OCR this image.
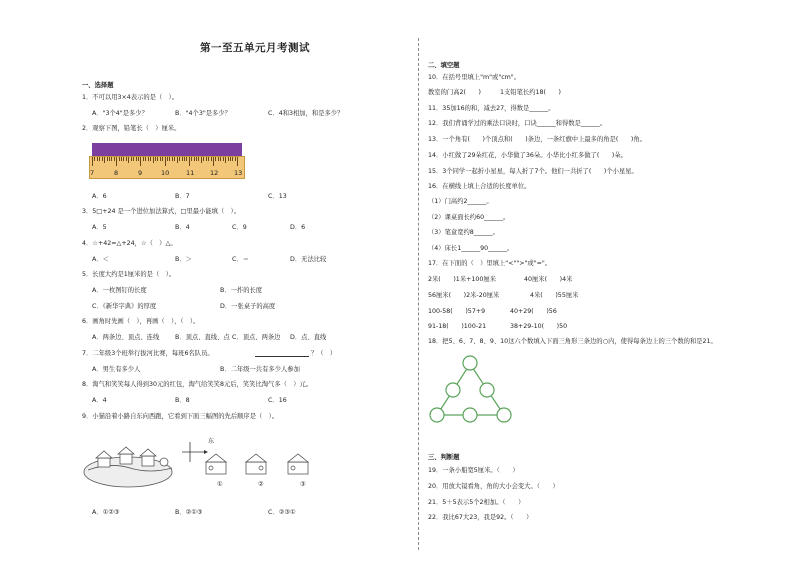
第一至五单元月考测试
一、选择题
1．不可以用3×4表示的是（　）。
A．"3个4"是多少？	B．"4个3"是多少？	C．4和3相加，和是多少？
2．观察下图，铅笔长（　）厘米。
7	8	9	10	11 12 13
A．6	B．7	C．13
3．5□+24 是一个进位加法算式，□里最小能填（　）。
A．5	B．4	C．9	D．6
4．☆+42=△+24，☆（　）△。
A．＜	B．＞	C．＝	D．无法比较
5．长度大约是1厘米的是（　）。
A．一枚图钉的长度	B．一拃的长度
C．《新华字典》的厚度	D．一张桌子的高度
6．画角时先画（　），再画（　），（　）。
A．两条边、顶点、连线 B．顶点、直线、点 C．顶点、两条边 D．点、直线
7．二年级3个班举行拔河比赛，每班6名队员。	？（　）
A．男生有多少人	B．二年级一共有多少人参加
8．淘气和笑笑每人得到30元的红包，淘气给笑笑8元后，笑笑比淘气多（　）元。
A．4	B．8	C．16
9．小猫沿着小路自东向西跑，它看到下面三幅图的先后顺序是（　）。
东
①	②	③
A．①②③	B．②①③	C．②③①
二、填空题
10．在括号里填上"m"或"cm"。
教室的门高2(　　)	1支铅笔长约18(　　)
11．35加16的和，减去27，得数是______。
12．我们背诵学过的乘法口诀时，口诀______和得数是______。
13．一个角有(　　)个顶点和(　　)条边，一条红旗中上最多的角是(　　)角。
14．小红做了29朵红花，小华做了36朵。小华比小红多做了(　　)朵。
15．3个同学一起折小星星，每人折了7个。他们一共折了(　　)个小星星。
16．在横线上填上合适的长度单位。
（1）门高约2______。
（2）课桌面长约60______。
（3）笔盒宽约8______。
（4）床长1______90______。
17．在下面的（　）里填上"<"">"或"="。
2米(　　)1米+100厘米	40厘米(　　)4米
56厘米(　　)2米-20厘米	4米(　　)55厘米
100-58(　　)57+9	40+29(　　)56
91-18(　　)100-21	38+29-10(　　)50
18．把5、6、7、8、9、10这六个数填入下面三角形三条边的○内，使得每条边上的三个数的和是21。
三、判断题
19．一条小船宽5厘米。（　　）
20．用放大镜看角，角的大小会变大。（　　）
21．5＋5表示5个2相加。（　　）
22．我比67大23，我是92。（　　）
